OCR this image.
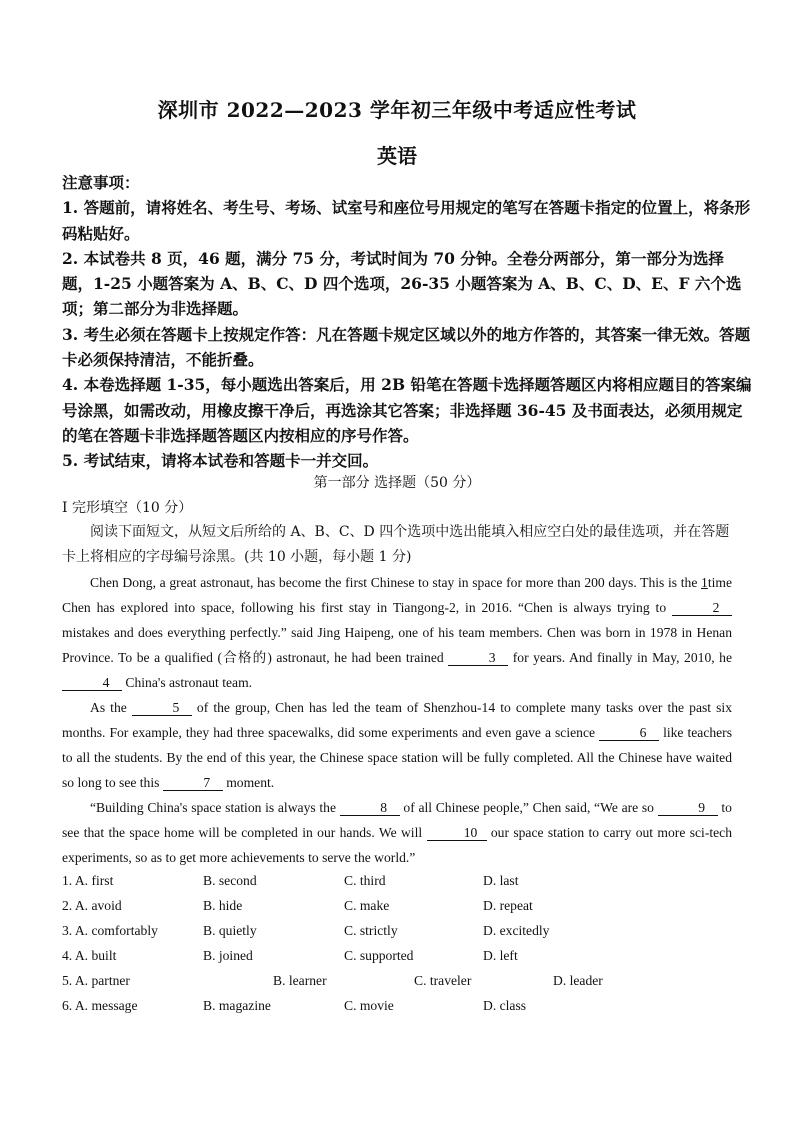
深圳市 2022—2023 学年初三年级中考适应性考试
英语

注意事项：

1. 答题前，请将姓名、考生号、考场、试室号和座位号用规定的笔写在答题卡指定的位置上，将条形码粘贴好。

2. 本试卷共 8 页，46 题，满分 75 分，考试时间为 70 分钟。全卷分两部分，第一部分为选择题，1-25 小题答案为 A、B、C、D 四个选项，26-35 小题答案为 A、B、C、D、E、F 六个选项；第二部分为非选择题。

3. 考生必须在答题卡上按规定作答：凡在答题卡规定区域以外的地方作答的，其答案一律无效。答题卡必须保持清洁，不能折叠。

4. 本卷选择题 1-35，每小题选出答案后，用 2B 铅笔在答题卡选择题答题区内将相应题目的答案编号涂黑，如需改动，用橡皮擦干净后，再选涂其它答案；非选择题 36-45 及书面表达，必须用规定的笔在答题卡非选择题答题区内按相应的序号作答。

5. 考试结束，请将本试卷和答题卡一并交回。

第一部分 选择题（50 分）
I 完形填空（10 分）
阅读下面短文，从短文后所给的 A、B、C、D 四个选项中选出能填入相应空白处的最佳选项，并在答题卡上将相应的字母编号涂黑。(共 10 小题，每小题 1 分)

Chen Dong, a great astronaut, has become the first Chinese to stay in space for more than 200 days. This is the 1time Chen has explored into space, following his first stay in Tiangong-2, in 2016. “Chen is always trying to	2 mistakes and does everything perfectly.” said Jing Haipeng, one of his team members. Chen was born in 1978 in Henan Province. To be a qualified (合格的) astronaut, he had been trained	3 for years. And finally in May, 2010, he 4 China's astronaut team.

As the	5 of the group, Chen has led the team of Shenzhou-14 to complete many tasks over the past six months. For example, they had three spacewalks, did some experiments and even gave a science	6 like teachers to all the students. By the end of this year, the Chinese space station will be fully completed. All the Chinese have waited so long to see this	7 moment.

“Building China's space station is always the	8 of all Chinese people,” Chen said, “We are so	9 to see that the space home will be completed in our hands. We will	10 our space station to carry out more sci-tech experiments, so as to get more achievements to serve the world.”

1. A. first	B. second	C. third	D. last
2. A. avoid	B. hide	C. make	D. repeat
3. A. comfortably	B. quietly	C. strictly	D. excitedly
4. A. built	B. joined	C. supported	D. left
5. A. partner	B. learner	C. traveler	D. leader
6. A. message	B. magazine	C. movie	D. class
